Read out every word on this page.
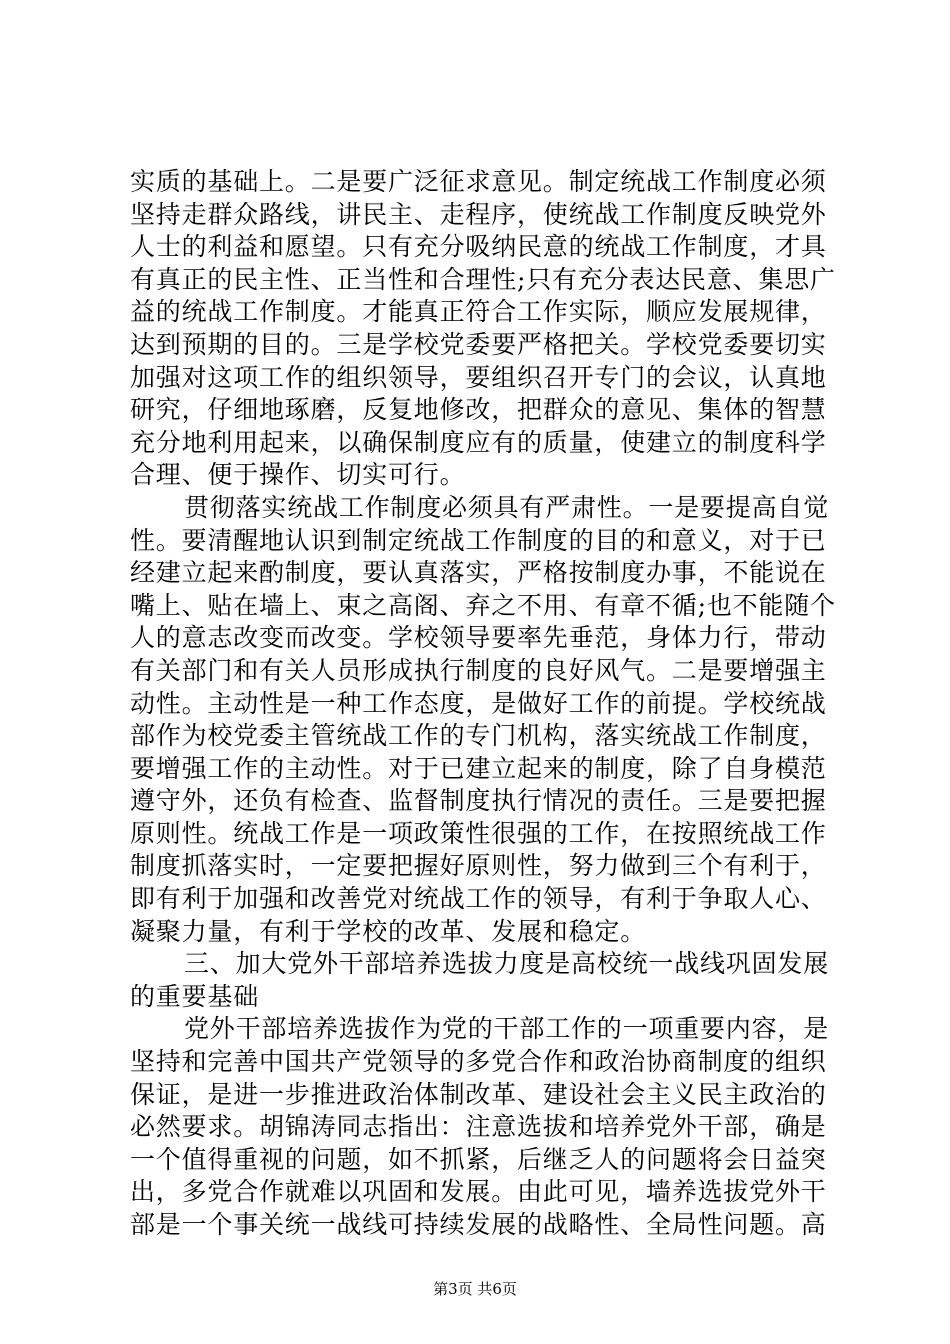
实质的基础上。二是要广泛征求意见。制定统战工作制度必须
坚持走群众路线，讲民主、走程序，使统战工作制度反映党外
人士的利益和愿望。只有充分吸纳民意的统战工作制度，才具
有真正的民主性、正当性和合理性;只有充分表达民意、集思广
益的统战工作制度。才能真正符合工作实际，顺应发展规律，
达到预期的目的。三是学校党委要严格把关。学校党委要切实
加强对这项工作的组织领导，要组织召开专门的会议，认真地
研究，仔细地琢磨，反复地修改，把群众的意见、集体的智慧
充分地利用起来，以确保制度应有的质量，使建立的制度科学
合理、便于操作、切实可行。
贯彻落实统战工作制度必须具有严肃性。一是要提高自觉
性。要清醒地认识到制定统战工作制度的目的和意义，对于已
经建立起来酌制度，要认真落实，严格按制度办事，不能说在
嘴上、贴在墙上、束之高阁、弃之不用、有章不循;也不能随个
人的意志改变而改变。学校领导要率先垂范，身体力行，带动
有关部门和有关人员形成执行制度的良好风气。二是要增强主
动性。主动性是一种工作态度，是做好工作的前提。学校统战
部作为校党委主管统战工作的专门机构，落实统战工作制度，
要增强工作的主动性。对于已建立起来的制度，除了自身模范
遵守外，还负有检查、监督制度执行情况的责任。三是要把握
原则性。统战工作是一项政策性很强的工作，在按照统战工作
制度抓落实时，一定要把握好原则性，努力做到三个有利于，
即有利于加强和改善党对统战工作的领导，有利于争取人心、
凝聚力量，有利于学校的改革、发展和稳定。
三、加大党外干部培养选拔力度是高校统一战线巩固发展
的重要基础
党外干部培养选拔作为党的干部工作的一项重要内容，是
坚持和完善中国共产党领导的多党合作和政治协商制度的组织
保证，是进一步推进政治体制改革、建设社会主义民主政治的
必然要求。胡锦涛同志指出：注意选拔和培养党外干部，确是
一个值得重视的问题，如不抓紧，后继乏人的问题将会日益突
出，多党合作就难以巩固和发展。由此可见，墙养选拔党外干
部是一个事关统一战线可持续发展的战略性、全局性问题。高
第3页 共6页
